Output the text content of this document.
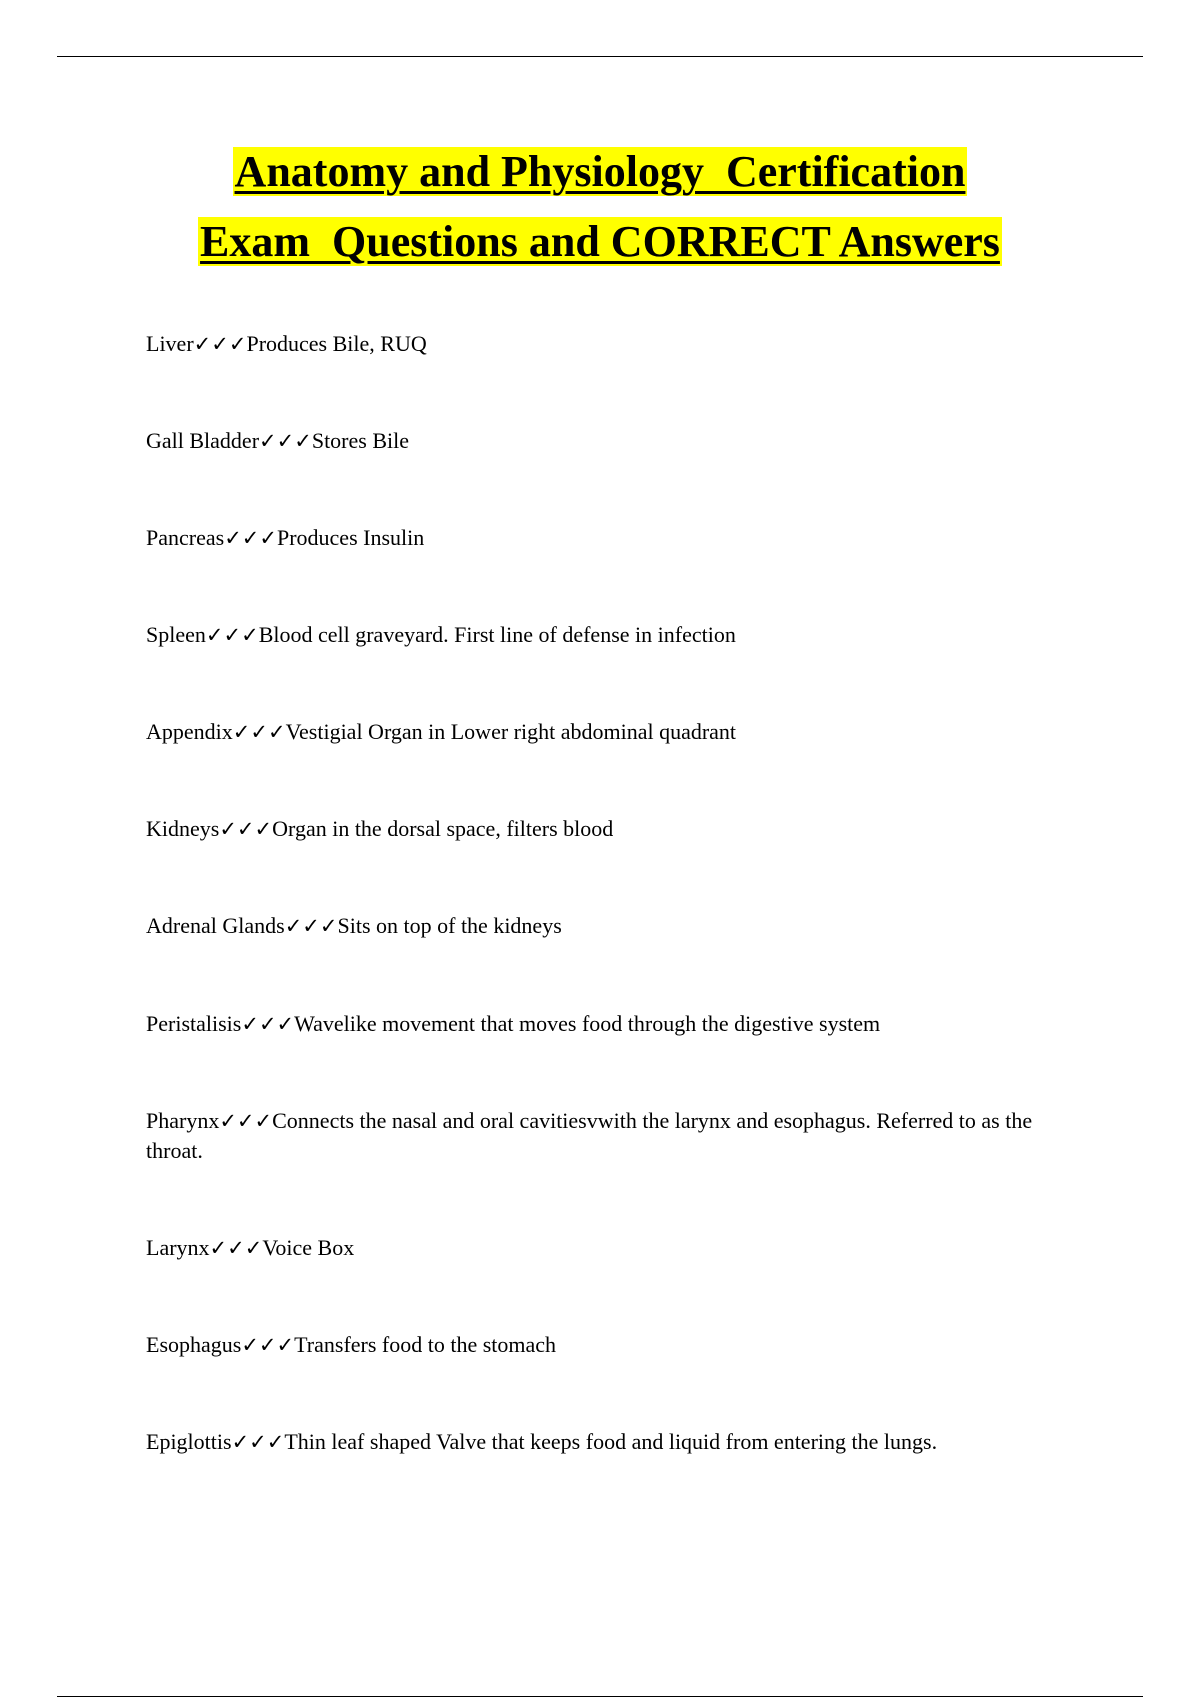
Anatomy and Physiology  Certification
Exam  Questions and CORRECT Answers
Liver✓✓✓Produces Bile, RUQ
Gall Bladder✓✓✓Stores Bile
Pancreas✓✓✓Produces Insulin
Spleen✓✓✓Blood cell graveyard. First line of defense in infection
Appendix✓✓✓Vestigial Organ in Lower right abdominal quadrant
Kidneys✓✓✓Organ in the dorsal space, filters blood
Adrenal Glands✓✓✓Sits on top of the kidneys
Peristalisis✓✓✓Wavelike movement that moves food through the digestive system
Pharynx✓✓✓Connects the nasal and oral cavitiesvwith the larynx and esophagus. Referred to as the throat.
Larynx✓✓✓Voice Box
Esophagus✓✓✓Transfers food to the stomach
Epiglottis✓✓✓Thin leaf shaped Valve that keeps food and liquid from entering the lungs.
